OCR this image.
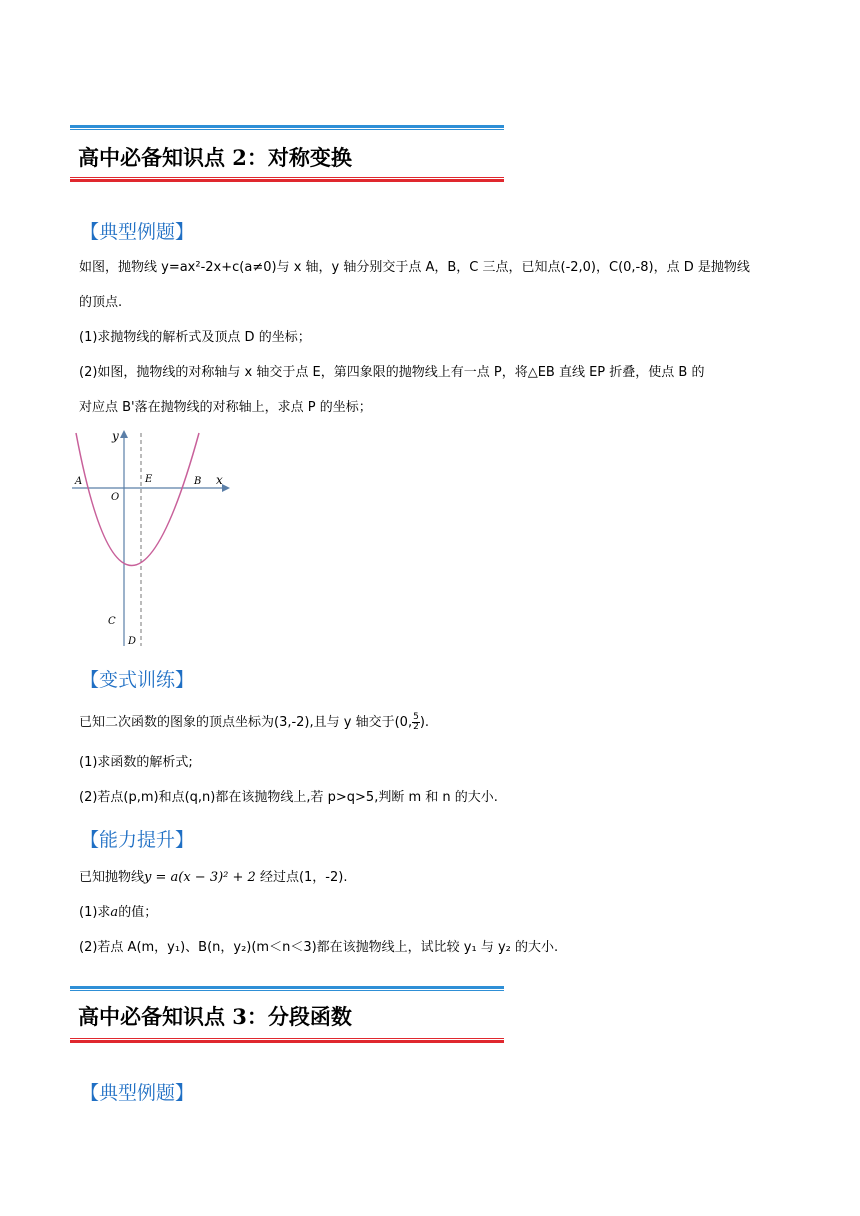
高中必备知识点 2：对称变换
【典型例题】
如图，抛物线 y=ax²-2x+c(a≠0)与 x 轴，y 轴分别交于点 A，B，C 三点，已知点(-2,0)，C(0,-8)，点 D 是抛物线
的顶点.
(1)求抛物线的解析式及顶点 D 的坐标；
(2)如图，抛物线的对称轴与 x 轴交于点 E，第四象限的抛物线上有一点 P，将△EB 直线 EP 折叠，使点 B 的
对应点 B'落在抛物线的对称轴上，求点 P 的坐标；
y
x
O
A	B
E
C
D
【变式训练】
已知二次函数的图象的顶点坐标为(3,-2),且与 y 轴交于(0, $\frac{5}{2}$ ).
(1)求函数的解析式;
(2)若点(p,m)和点(q,n)都在该抛物线上,若 p>q>5,判断 m 和 n 的大小.
【能力提升】
已知抛物线y = a(x − 3)² + 2 经过点(1，-2).
(1)求a的值；
(2)若点 A(m，y₁)、B(n，y₂)(m＜n＜3)都在该抛物线上，试比较 y₁ 与 y₂ 的大小.
高中必备知识点 3：分段函数
【典型例题】
